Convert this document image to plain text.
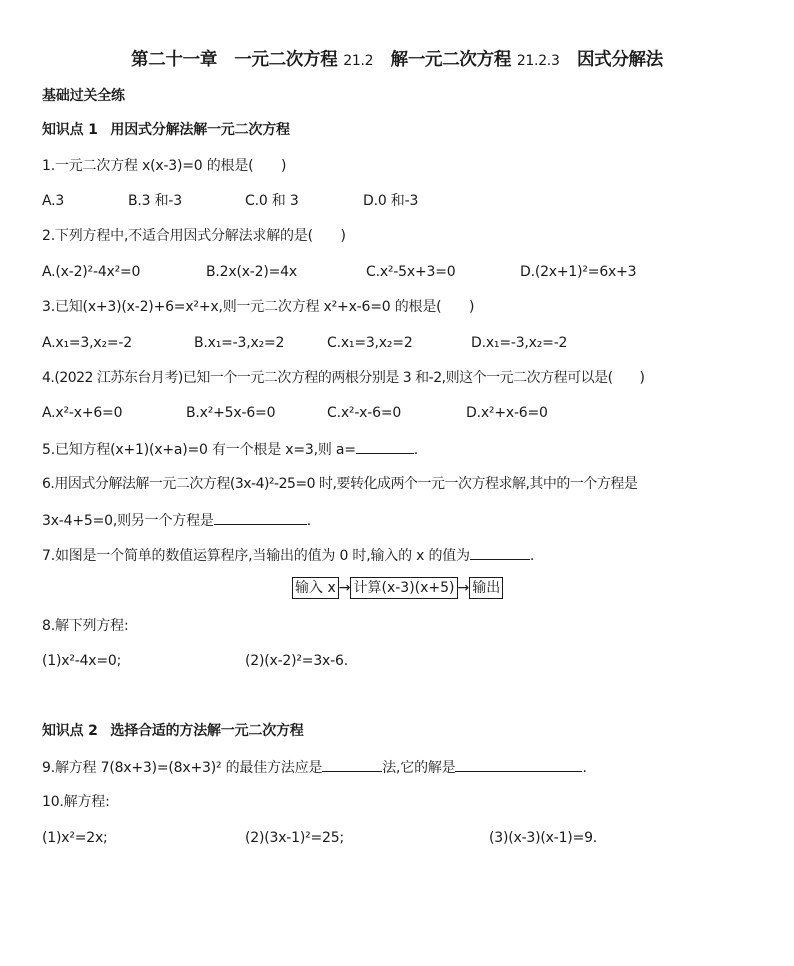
第二十一章　一元二次方程 21.2 解一元二次方程 21.2.3 因式分解法
基础过关全练
知识点 1 用因式分解法解一元二次方程
1.一元二次方程 x(x-3)=0 的根是(　　)
A.3	B.3 和-3	C.0 和 3	D.0 和-3
2.下列方程中,不适合用因式分解法求解的是(　　)
A.(x-2)²-4x²=0	B.2x(x-2)=4x	C.x²-5x+3=0	D.(2x+1)²=6x+3
3.已知(x+3)(x-2)+6=x²+x,则一元二次方程 x²+x-6=0 的根是(　　)
A.x₁=3,x₂=-2	B.x₁=-3,x₂=2	C.x₁=3,x₂=2	D.x₁=-3,x₂=-2
4.(2022 江苏东台月考)已知一个一元二次方程的两根分别是 3 和-2,则这个一元二次方程可以是(　　)
A.x²-x+6=0	B.x²+5x-6=0	C.x²-x-6=0	D.x²+x-6=0
5.已知方程(x+1)(x+a)=0 有一个根是 x=3,则 a=	.
6.用因式分解法解一元二次方程(3x-4)²-25=0 时,要转化成两个一元一次方程求解,其中的一个方程是
3x-4+5=0,则另一个方程是	.
7.如图是一个简单的数值运算程序,当输出的值为 0 时,输入的 x 的值为	.
输入 x → 计算(x-3)(x+5) → 输出
8.解下列方程:
(1)x²-4x=0;	(2)(x-2)²=3x-6.
知识点 2 选择合适的方法解一元二次方程
9.解方程 7(8x+3)=(8x+3)² 的最佳方法应是	法,它的解是	.
10.解方程:
(1)x²=2x;	(2)(3x-1)²=25;	(3)(x-3)(x-1)=9.
